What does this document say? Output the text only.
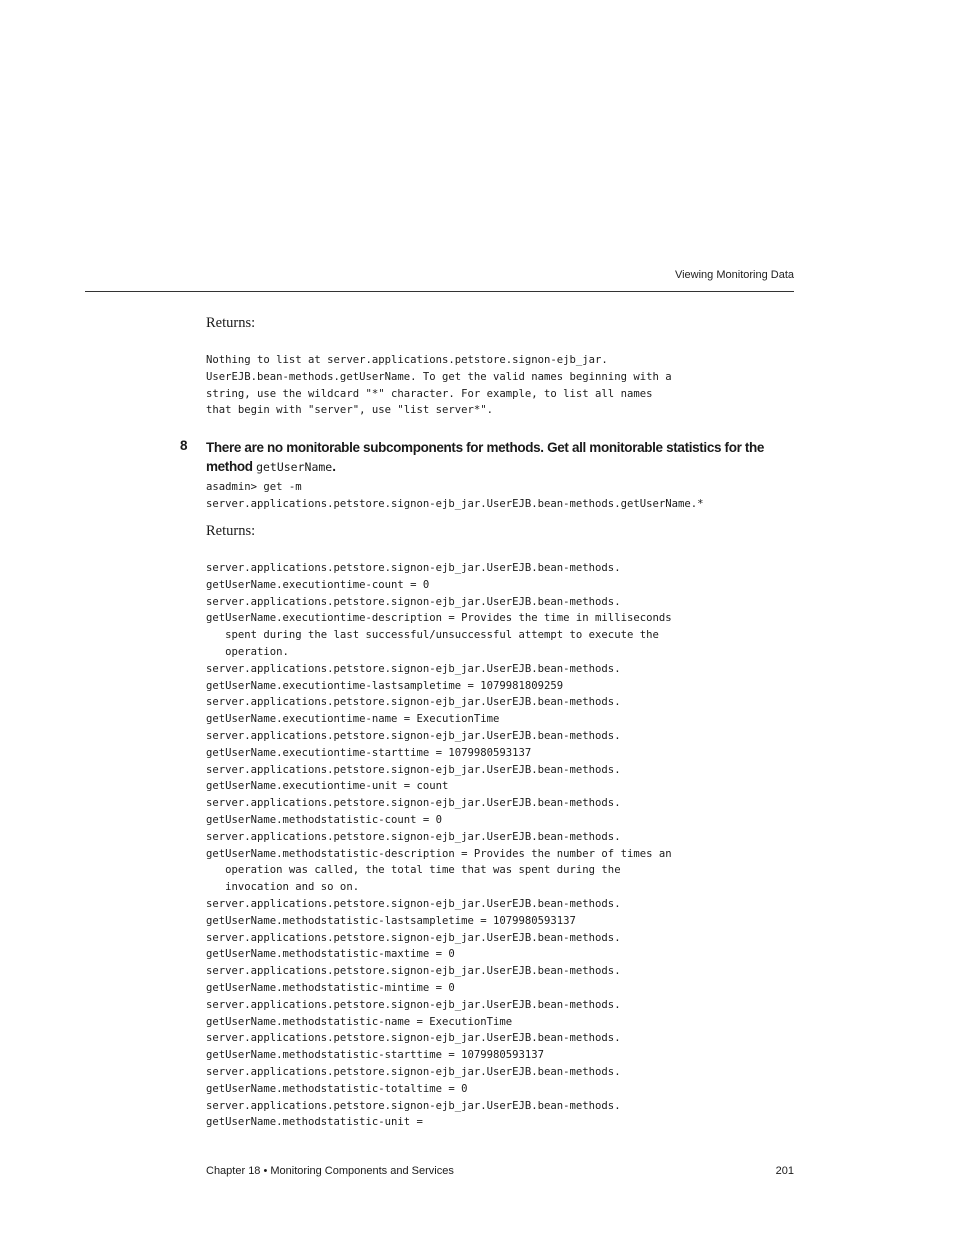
Viewing Monitoring Data
Returns:
Nothing to list at server.applications.petstore.signon-ejb_jar.
UserEJB.bean-methods.getUserName. To get the valid names beginning with a
string, use the wildcard "*" character. For example, to list all names
that begin with "server", use "list server*".
8 There are no monitorable subcomponents for methods. Get all monitorable statistics for the method getUserName.
asadmin> get -m
server.applications.petstore.signon-ejb_jar.UserEJB.bean-methods.getUserName.*
Returns:
server.applications.petstore.signon-ejb_jar.UserEJB.bean-methods.
getUserName.executiontime-count = 0
server.applications.petstore.signon-ejb_jar.UserEJB.bean-methods.
getUserName.executiontime-description = Provides the time in milliseconds
spent during the last successful/unsuccessful attempt to execute the
operation.
server.applications.petstore.signon-ejb_jar.UserEJB.bean-methods.
getUserName.executiontime-lastsampletime = 1079981809259
server.applications.petstore.signon-ejb_jar.UserEJB.bean-methods.
getUserName.executiontime-name = ExecutionTime
server.applications.petstore.signon-ejb_jar.UserEJB.bean-methods.
getUserName.executiontime-starttime = 1079980593137
server.applications.petstore.signon-ejb_jar.UserEJB.bean-methods.
getUserName.executiontime-unit = count
server.applications.petstore.signon-ejb_jar.UserEJB.bean-methods.
getUserName.methodstatistic-count = 0
server.applications.petstore.signon-ejb_jar.UserEJB.bean-methods.
getUserName.methodstatistic-description = Provides the number of times an
operation was called, the total time that was spent during the
invocation and so on.
server.applications.petstore.signon-ejb_jar.UserEJB.bean-methods.
getUserName.methodstatistic-lastsampletime = 1079980593137
server.applications.petstore.signon-ejb_jar.UserEJB.bean-methods.
getUserName.methodstatistic-maxtime = 0
server.applications.petstore.signon-ejb_jar.UserEJB.bean-methods.
getUserName.methodstatistic-mintime = 0
server.applications.petstore.signon-ejb_jar.UserEJB.bean-methods.
getUserName.methodstatistic-name = ExecutionTime
server.applications.petstore.signon-ejb_jar.UserEJB.bean-methods.
getUserName.methodstatistic-starttime = 1079980593137
server.applications.petstore.signon-ejb_jar.UserEJB.bean-methods.
getUserName.methodstatistic-totaltime = 0
server.applications.petstore.signon-ejb_jar.UserEJB.bean-methods.
getUserName.methodstatistic-unit =
Chapter 18 • Monitoring Components and Services	201
